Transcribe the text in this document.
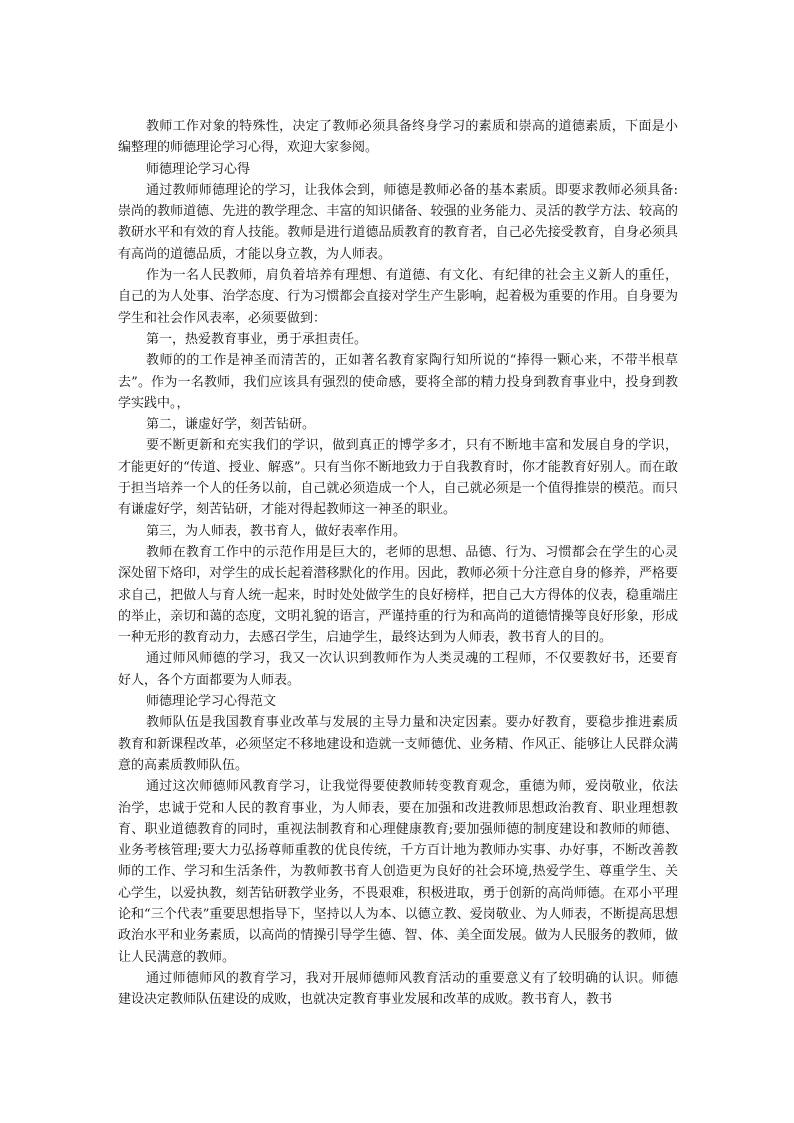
教师工作对象的特殊性，决定了教师必须具备终身学习的素质和崇高的道德素质，下面是小编整理的师德理论学习心得，欢迎大家参阅。

师德理论学习心得

通过教师师德理论的学习，让我体会到，师德是教师必备的基本素质。即要求教师必须具备: 崇尚的教师道德、先进的教学理念、丰富的知识储备、较强的业务能力、灵活的教学方法、较高的教研水平和有效的育人技能。教师是进行道德品质教育的教育者，自己必先接受教育，自身必须具有高尚的道德品质，才能以身立教，为人师表。

作为一名人民教师，肩负着培养有理想、有道德、有文化、有纪律的社会主义新人的重任，自己的为人处事、治学态度、行为习惯都会直接对学生产生影响，起着极为重要的作用。自身要为学生和社会作风表率，必须要做到：

第一，热爱教育事业，勇于承担责任。

教师的的工作是神圣而清苦的，正如著名教育家陶行知所说的“捧得一颗心来，不带半根草去”。作为一名教师，我们应该具有强烈的使命感，要将全部的精力投身到教育事业中，投身到教学实践中。，

第二，谦虚好学，刻苦钻研。

要不断更新和充实我们的学识，做到真正的博学多才，只有不断地丰富和发展自身的学识，才能更好的“传道、授业、解惑”。只有当你不断地致力于自我教育时，你才能教育好别人。而在敢于担当培养一个人的任务以前，自己就必须造成一个人，自己就必须是一个值得推崇的模范。而只有谦虚好学，刻苦钻研，才能对得起教师这一神圣的职业。

第三，为人师表，教书育人，做好表率作用。

教师在教育工作中的示范作用是巨大的，老师的思想、品德、行为、习惯都会在学生的心灵深处留下烙印，对学生的成长起着潜移默化的作用。因此，教师必须十分注意自身的修养，严格要求自己，把做人与育人统一起来，时时处处做学生的良好榜样，把自己大方得体的仪表，稳重端庄的举止，亲切和蔼的态度，文明礼貌的语言，严谨持重的行为和高尚的道德情操等良好形象，形成一种无形的教育动力，去感召学生，启迪学生，最终达到为人师表，教书育人的目的。

通过师风师德的学习，我又一次认识到教师作为人类灵魂的工程师，不仅要教好书，还要育好人，各个方面都要为人师表。

师德理论学习心得范文

教师队伍是我国教育事业改革与发展的主导力量和决定因素。要办好教育，要稳步推进素质教育和新课程改革，必须坚定不移地建设和造就一支师德优、业务精、作风正、能够让人民群众满意的高素质教师队伍。

通过这次师德师风教育学习，让我觉得要使教师转变教育观念，重德为师，爱岗敬业，依法治学，忠诚于党和人民的教育事业，为人师表，要在加强和改进教师思想政治教育、职业理想教育、职业道德教育的同时，重视法制教育和心理健康教育;要加强师德的制度建设和教师的师德、业务考核管理;要大力弘扬尊师重教的优良传统，千方百计地为教师办实事、办好事，不断改善教师的工作、学习和生活条件，为教师教书育人创造更为良好的社会环境,热爱学生、尊重学生、关心学生，以爱执教，刻苦钻研教学业务，不畏艰难，积极进取，勇于创新的高尚师德。在邓小平理论和“三个代表”重要思想指导下，坚持以人为本、以德立教、爱岗敬业、为人师表，不断提高思想政治水平和业务素质，以高尚的情操引导学生德、智、体、美全面发展。做为人民服务的教师，做让人民满意的教师。

通过师德师风的教育学习，我对开展师德师风教育活动的重要意义有了较明确的认识。师德建设决定教师队伍建设的成败，也就决定教育事业发展和改革的成败。教书育人，教书
